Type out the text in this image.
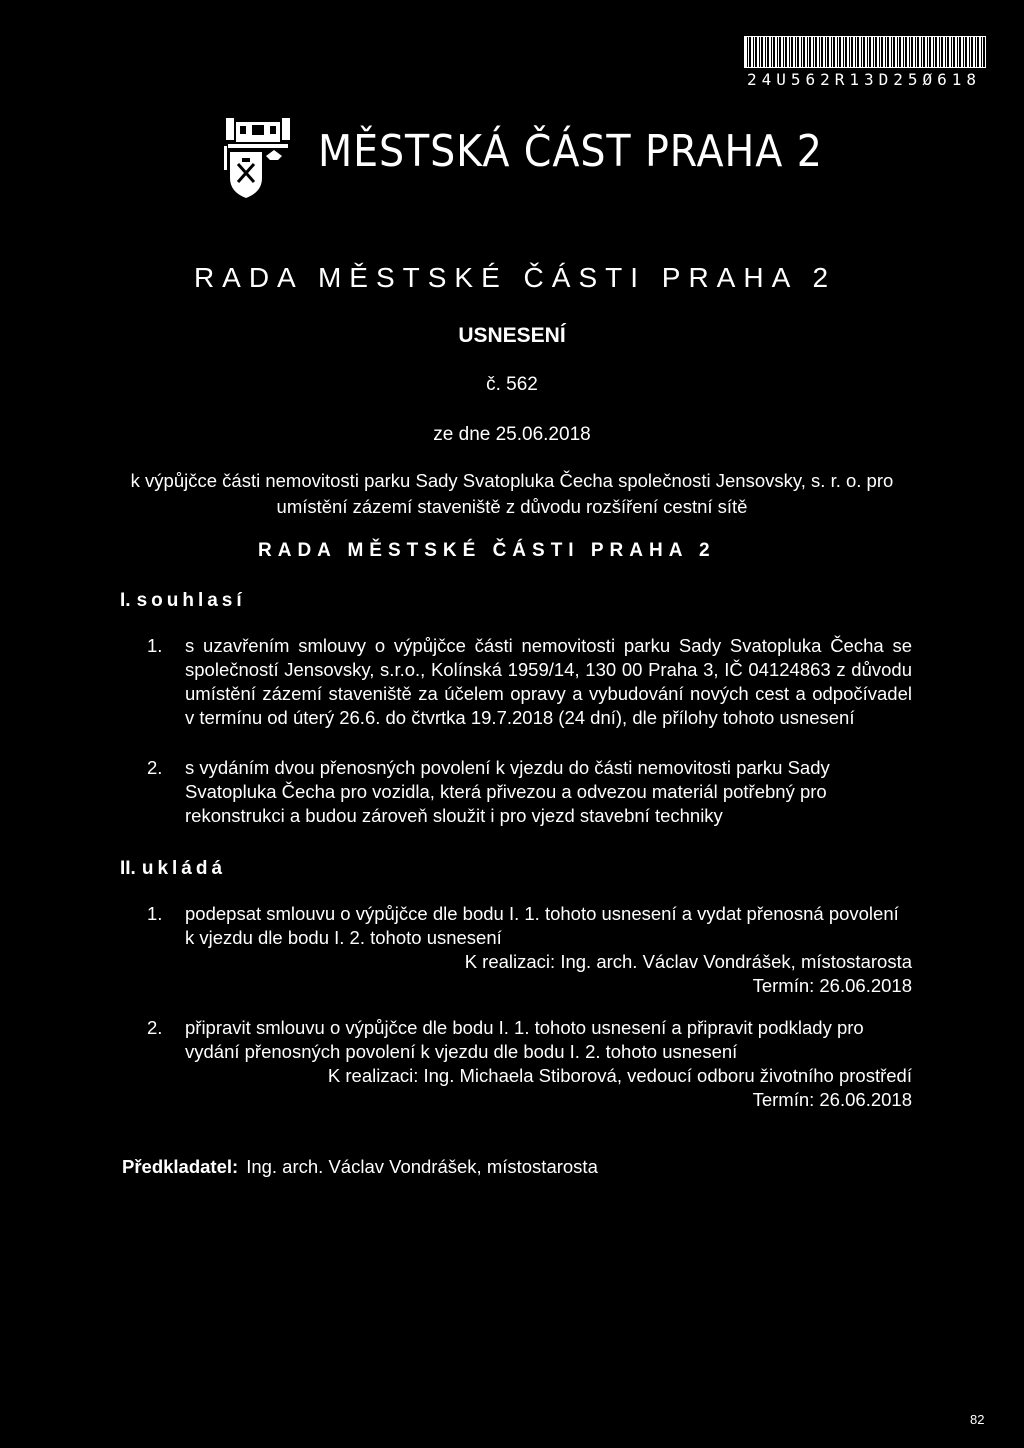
24U562R13D25Ø618
MĚSTSKÁ ČÁST PRAHA 2
RADA MĚSTSKÉ ČÁSTI PRAHA 2
USNESENÍ
č. 562
ze dne 25.06.2018
k výpůjčce části nemovitosti parku Sady Svatopluka Čecha společnosti Jensovsky, s. r. o. pro umístění zázemí staveniště z důvodu rozšíření cestní sítě
RADA MĚSTSKÉ ČÁSTI PRAHA 2
I. souhlasí
1.	s uzavřením smlouvy o výpůjčce části nemovitosti parku Sady Svatopluka Čecha se společností Jensovsky, s.r.o., Kolínská 1959/14, 130 00 Praha 3, IČ 04124863 z důvodu umístění zázemí staveniště za účelem opravy a vybudování nových cest a odpočívadel v termínu od úterý 26.6. do čtvrtka 19.7.2018 (24 dní), dle přílohy tohoto usnesení
2.	s vydáním dvou přenosných povolení k vjezdu do části nemovitosti parku Sady Svatopluka Čecha pro vozidla, která přivezou a odvezou materiál potřebný pro rekonstrukci a budou zároveň sloužit i pro vjezd stavební techniky
II. ukládá
1.	podepsat smlouvu o výpůjčce dle bodu I. 1. tohoto usnesení a vydat přenosná povolení k vjezdu dle bodu I. 2. tohoto usnesení
K realizaci: Ing. arch. Václav Vondrášek, místostarosta
Termín: 26.06.2018
2.	připravit smlouvu o výpůjčce dle bodu I. 1. tohoto usnesení a připravit podklady pro vydání přenosných povolení k vjezdu dle bodu I. 2. tohoto usnesení
K realizaci: Ing. Michaela Stiborová, vedoucí odboru životního prostředí
Termín: 26.06.2018
Předkladatel: Ing. arch. Václav Vondrášek, místostarosta
82
